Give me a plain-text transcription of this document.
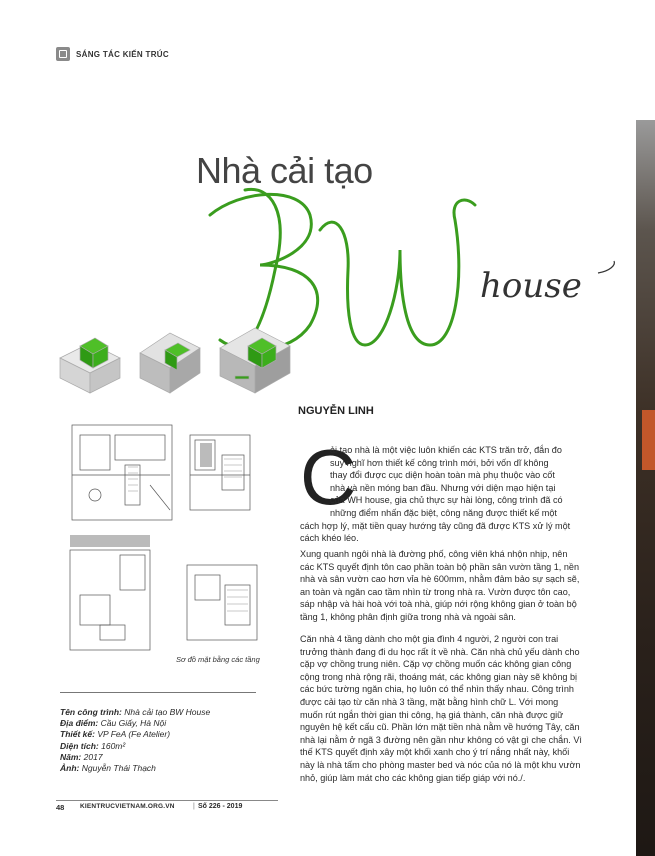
SÁNG TÁC KIẾN TRÚC
Nhà cải tạo
house
NGUYỄN LINH
C
ải tạo nhà là một việc luôn khiến các KTS trăn trở, đắn đo
suy nghĩ hơn thiết kế công trình mới, bởi vốn dĩ không
thay đổi được cục diện hoàn toàn mà phụ thuộc vào cốt
nhà và nền móng ban đầu. Nhưng với diện mạo hiện tại
của WH house, gia chủ thực sự hài lòng, công trình đã có
những điểm nhấn đặc biệt, công năng được thiết kế một
cách hợp lý, mặt tiền quay hướng tây cũng đã được KTS xử lý một cách khéo léo.
Xung quanh ngôi nhà là đường phố, công viên khá nhộn nhịp, nên các KTS quyết định tôn cao phần toàn bộ phần sân vườn tầng 1, nền nhà và sân vườn cao hơn vỉa hè 600mm, nhằm đảm bảo sự sạch sẽ, an toàn và ngăn cao tầm nhìn từ trong nhà ra. Vườn được tôn cao, sáp nhập và hài hoà với toà nhà, giúp nới rộng không gian ở toàn bộ tầng 1, không phân định giữa trong nhà và ngoài sân.
Căn nhà 4 tầng dành cho một gia đình 4 người, 2 người con trai trưởng thành đang đi du học rất ít về nhà. Căn nhà chủ yếu dành cho cặp vợ chồng trung niên. Cặp vợ chồng muốn các không gian công cộng trong nhà rộng rãi, thoáng mát, các không gian này sẽ không bị các bức tường ngăn chia, họ luôn có thể nhìn thấy nhau. Công trình được cải tạo từ căn nhà 3 tầng, mặt bằng hình chữ L. Với mong muốn rút ngắn thời gian thi công, hạ giá thành, căn nhà được giữ nguyên hệ kết cấu cũ. Phần lớn mặt tiền nhà nằm về hướng Tây, căn nhà lại nằm ở ngã 3 đường nên gần như không có vật gì che chắn. Vì thế KTS quyết định xây một khối xanh cho ý trí nắng nhất này, khối này là nhà tấm cho phòng master bed và nóc của nó là một khu vườn nhỏ, giúp làm mát cho các không gian tiếp giáp với nó./.
Sơ đồ mặt bằng các tầng
Tên công trình: Nhà cải tạo BW House
Địa điểm: Cầu Giấy, Hà Nội
Thiết kế: VP FeA (Fe Atelier)
Diện tích: 160m²
Năm: 2017
Ảnh: Nguyễn Thái Thạch
48 KIENTRUCVIETNAM.ORG.VN	| Số 226 - 2019
